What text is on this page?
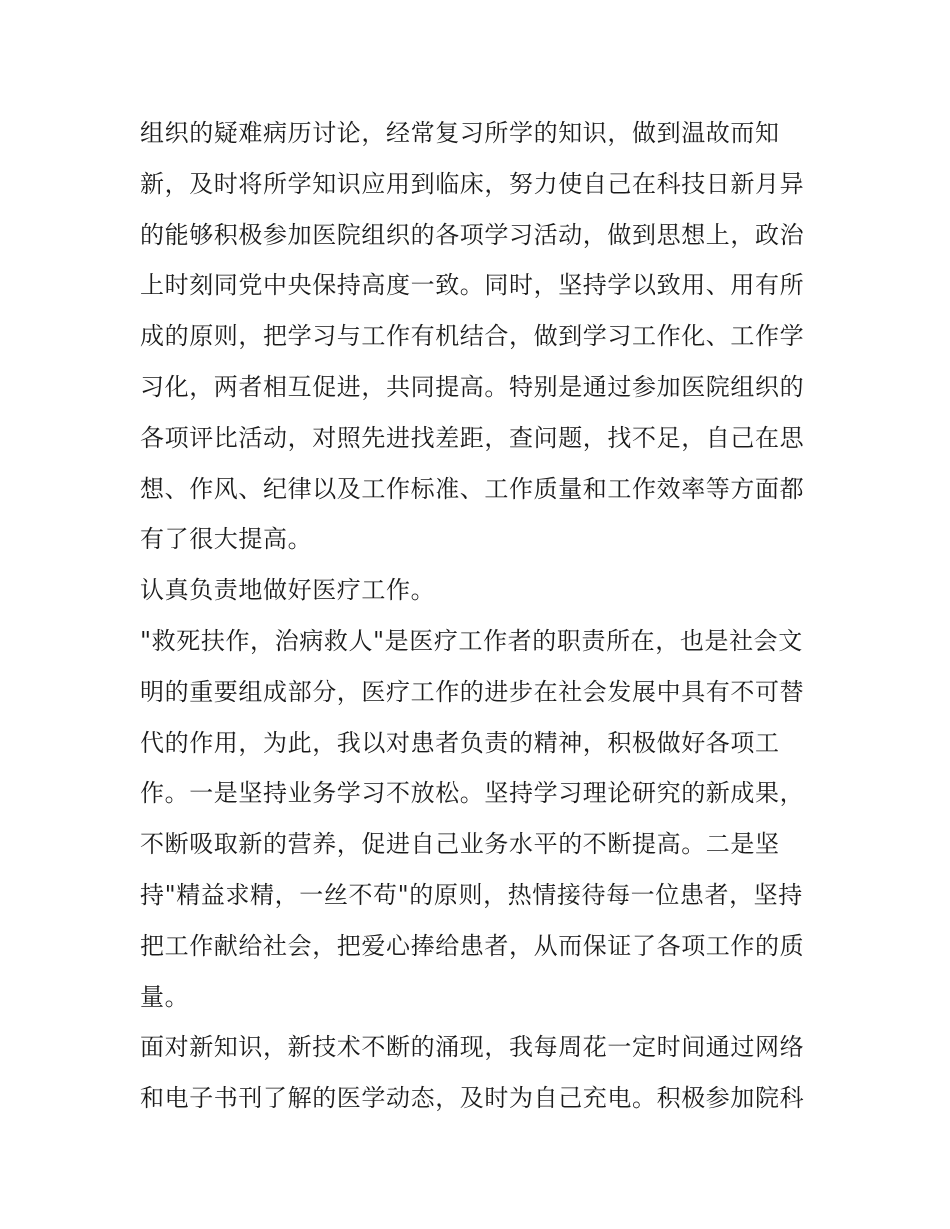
组织的疑难病历讨论，经常复习所学的知识，做到温故而知
新，及时将所学知识应用到临床，努力使自己在科技日新月异
的能够积极参加医院组织的各项学习活动，做到思想上，政治
上时刻同党中央保持高度一致。同时，坚持学以致用、用有所
成的原则，把学习与工作有机结合，做到学习工作化、工作学
习化，两者相互促进，共同提高。特别是通过参加医院组织的
各项评比活动，对照先进找差距，查问题，找不足，自己在思
想、作风、纪律以及工作标准、工作质量和工作效率等方面都
有了很大提高。
认真负责地做好医疗工作。
"救死扶作，治病救人"是医疗工作者的职责所在，也是社会文
明的重要组成部分，医疗工作的进步在社会发展中具有不可替
代的作用，为此，我以对患者负责的精神，积极做好各项工
作。一是坚持业务学习不放松。坚持学习理论研究的新成果，
不断吸取新的营养，促进自己业务水平的不断提高。二是坚
持"精益求精，一丝不苟"的原则，热情接待每一位患者，坚持
把工作献给社会，把爱心捧给患者，从而保证了各项工作的质
量。
面对新知识，新技术不断的涌现，我每周花一定时间通过网络
和电子书刊了解的医学动态，及时为自己充电。积极参加院科
